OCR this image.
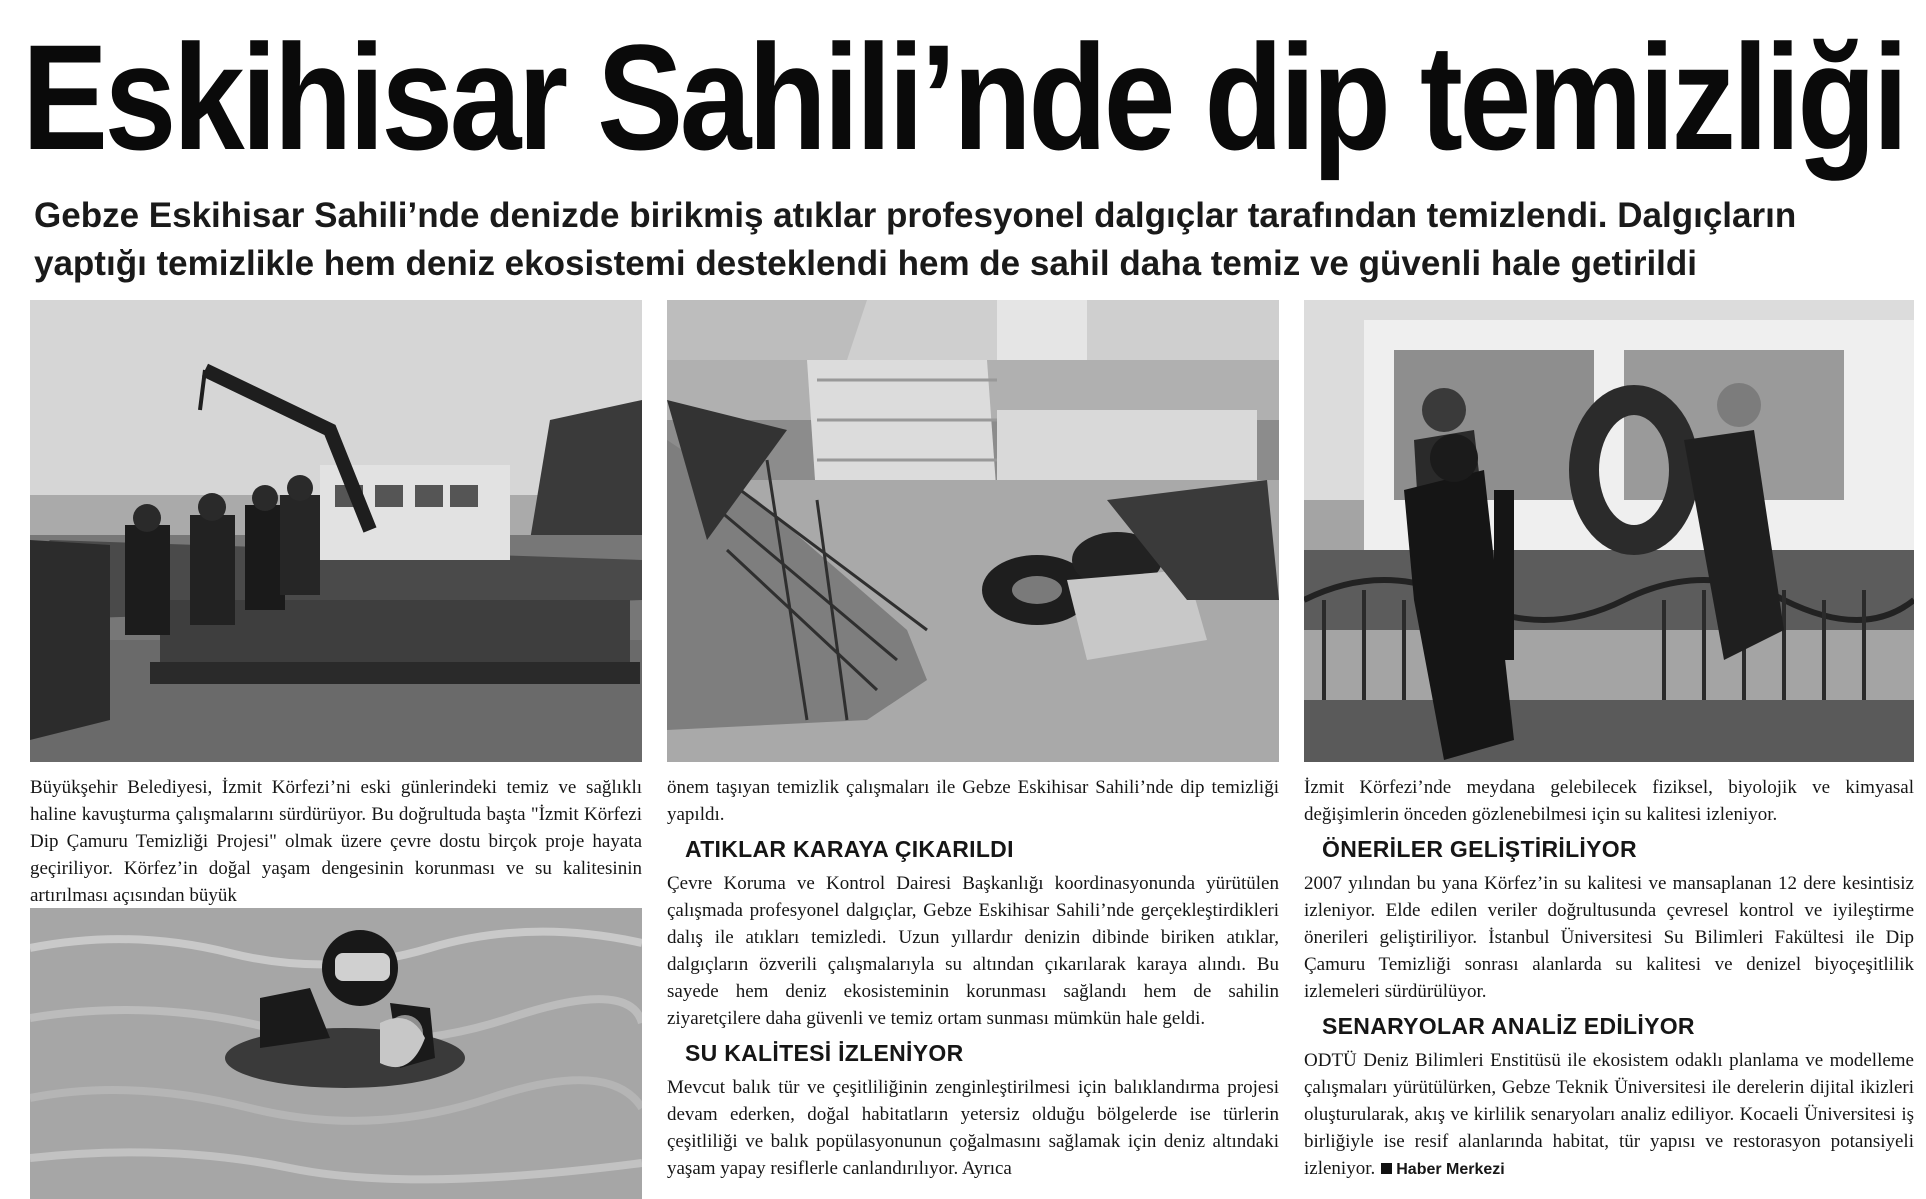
Eskihisar Sahili’nde dip temizliği

Gebze Eskihisar Sahili’nde denizde birikmiş atıklar profesyonel dalgıçlar tarafından temizlendi. Dalgıçların yaptığı temizlikle hem deniz ekosistemi desteklendi hem de sahil daha temiz ve güvenli hale getirildi

Büyükşehir Belediyesi, İzmit Körfezi’ni eski günlerindeki temiz ve sağlıklı haline kavuşturma çalışmalarını sürdürüyor. Bu doğrultuda başta "İzmit Körfezi Dip Çamuru Temizliği Projesi" olmak üzere çevre dostu birçok proje hayata geçiriliyor. Körfez’in doğal yaşam dengesinin korunması ve su kalitesinin artırılması açısından büyük

önem taşıyan temizlik çalışmaları ile Gebze Eskihisar Sahili’nde dip temizliği yapıldı.

ATIKLAR KARAYA ÇIKARILDI

Çevre Koruma ve Kontrol Dairesi Başkanlığı koordinasyonunda yürütülen çalışmada profesyonel dalgıçlar, Gebze Eskihisar Sahili’nde gerçekleştirdikleri dalış ile atıkları temizledi. Uzun yıllardır denizin dibinde biriken atıklar, dalgıçların özverili çalışmalarıyla su altından çıkarılarak karaya alındı. Bu sayede hem deniz ekosisteminin korunması sağlandı hem de sahilin ziyaretçilere daha güvenli ve temiz ortam sunması mümkün hale geldi.

SU KALİTESİ İZLENİYOR

Mevcut balık tür ve çeşitliliğinin zenginleştirilmesi için balıklandırma projesi devam ederken, doğal habitatların yetersiz olduğu bölgelerde ise türlerin çeşitliliği ve balık popülasyonunun çoğalmasını sağlamak için deniz altındaki yaşam yapay resiflerle canlandırılıyor. Ayrıca

İzmit Körfezi’nde meydana gelebilecek fiziksel, biyolojik ve kimyasal değişimlerin önceden gözlenebilmesi için su kalitesi izleniyor.

ÖNERİLER GELİŞTİRİLİYOR

2007 yılından bu yana Körfez’in su kalitesi ve mansaplanan 12 dere kesintisiz izleniyor. Elde edilen veriler doğrultusunda çevresel kontrol ve iyileştirme önerileri geliştiriliyor. İstanbul Üniversitesi Su Bilimleri Fakültesi ile Dip Çamuru Temizliği sonrası alanlarda su kalitesi ve denizel biyoçeşitlilik izlemeleri sürdürülüyor.

SENARYOLAR ANALİZ EDİLİYOR

ODTÜ Deniz Bilimleri Enstitüsü ile ekosistem odaklı planlama ve modelleme çalışmaları yürütülürken, Gebze Teknik Üniversitesi ile derelerin dijital ikizleri oluşturularak, akış ve kirlilik senaryoları analiz ediliyor. Kocaeli Üniversitesi iş birliğiyle ise resif alanlarında habitat, tür yapısı ve restorasyon potansiyeli izleniyor. Haber Merkezi
